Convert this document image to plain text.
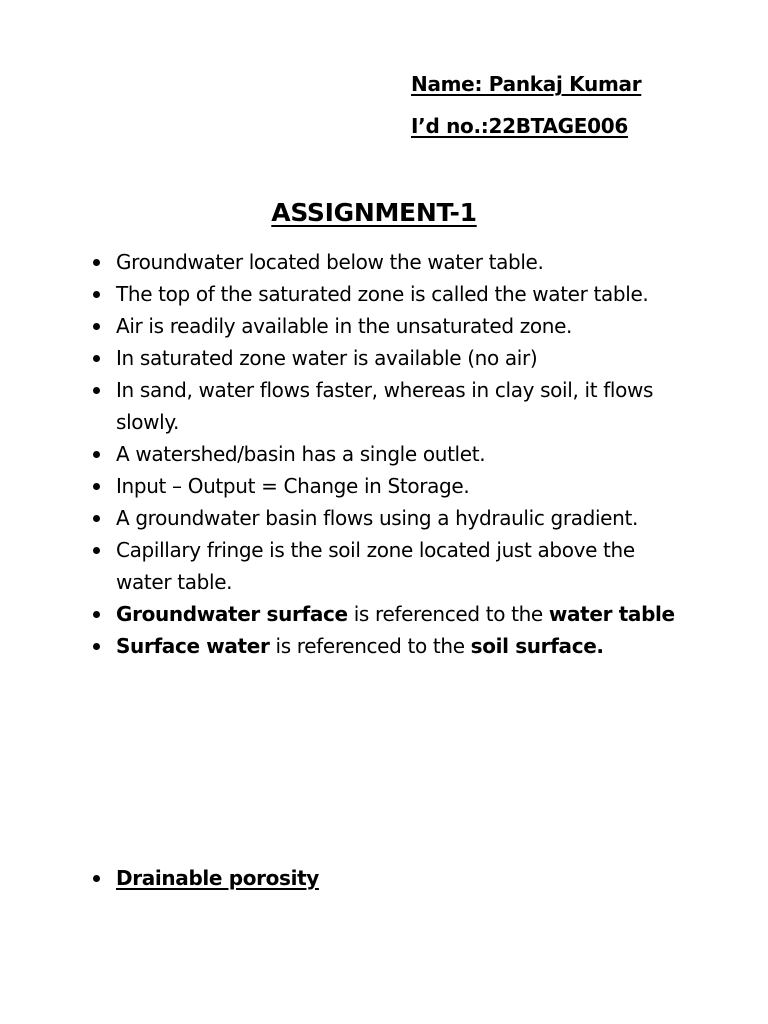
Name: Pankaj Kumar
I’d no.:22BTAGE006
ASSIGNMENT-1
Groundwater located below the water table.
The top of the saturated zone is called the water table.
Air is readily available in the unsaturated zone.
In saturated zone water is available (no air)
In sand, water flows faster, whereas in clay soil, it flows slowly.
A watershed/basin has a single outlet.
Input – Output = Change in Storage.
A groundwater basin flows using a hydraulic gradient.
Capillary fringe is the soil zone located just above the water table.
Groundwater surface is referenced to the water table
Surface water is referenced to the soil surface.
Drainable porosity
